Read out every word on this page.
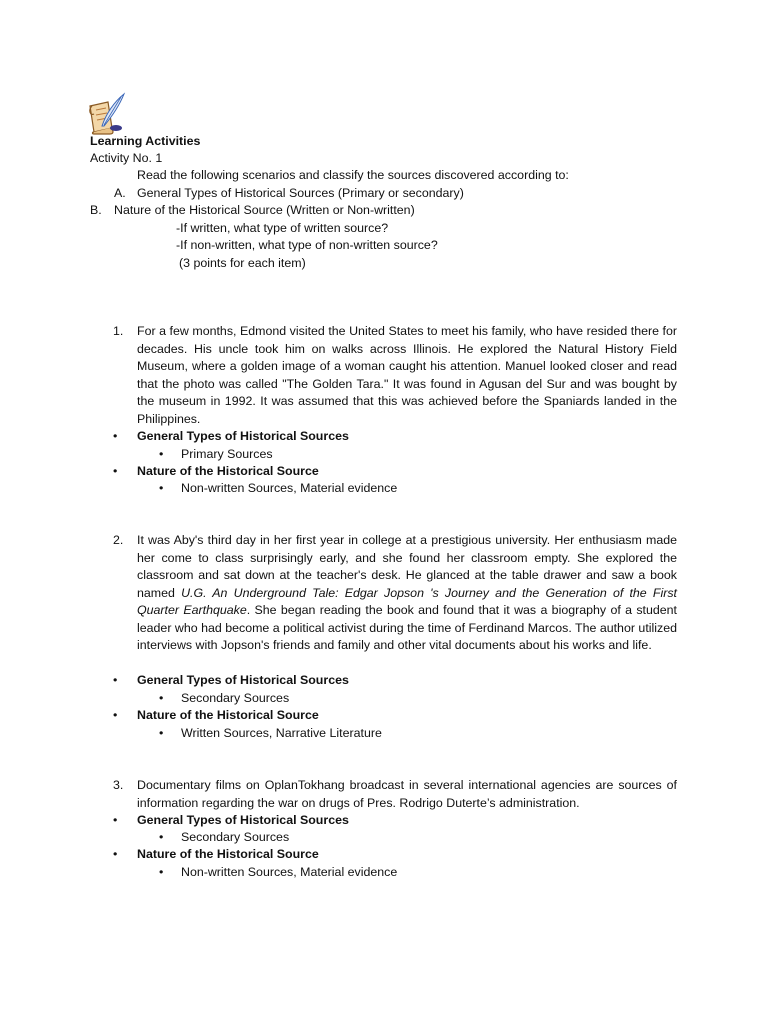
Learning Activities
Activity No. 1
Read the following scenarios and classify the sources discovered according to:
A. General Types of Historical Sources (Primary or secondary)
B. Nature of the Historical Source (Written or Non-written)
-If written, what type of written source?
-If non-written, what type of non-written source?
(3 points for each item)
1. For a few months, Edmond visited the United States to meet his family, who have resided there for decades. His uncle took him on walks across Illinois. He explored the Natural History Field Museum, where a golden image of a woman caught his attention. Manuel looked closer and read that the photo was called "The Golden Tara." It was found in Agusan del Sur and was bought by the museum in 1992. It was assumed that this was achieved before the Spaniards landed in the Philippines.
• General Types of Historical Sources
• Primary Sources
• Nature of the Historical Source
• Non-written Sources, Material evidence
2. It was Aby's third day in her first year in college at a prestigious university. Her enthusiasm made her come to class surprisingly early, and she found her classroom empty. She explored the classroom and sat down at the teacher's desk. He glanced at the table drawer and saw a book named U.G. An Underground Tale: Edgar Jopson 's Journey and the Generation of the First Quarter Earthquake. She began reading the book and found that it was a biography of a student leader who had become a political activist during the time of Ferdinand Marcos. The author utilized interviews with Jopson's friends and family and other vital documents about his works and life.
• General Types of Historical Sources
• Secondary Sources
• Nature of the Historical Source
• Written Sources, Narrative Literature
3. Documentary films on OplanTokhang broadcast in several international agencies are sources of information regarding the war on drugs of Pres. Rodrigo Duterte’s administration.
• General Types of Historical Sources
• Secondary Sources
• Nature of the Historical Source
• Non-written Sources, Material evidence
